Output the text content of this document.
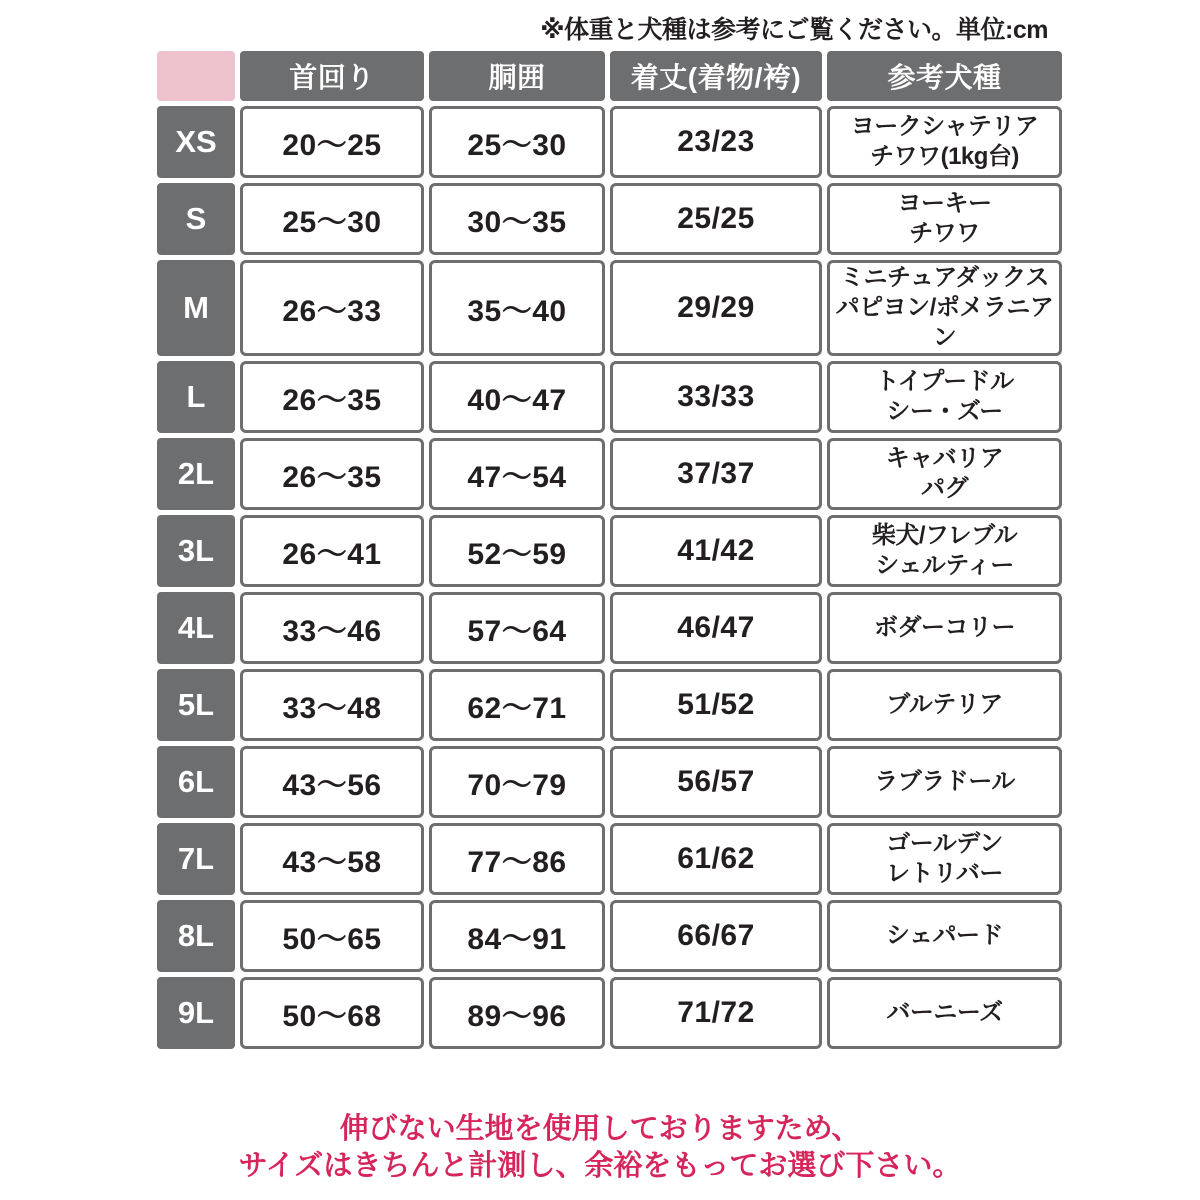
※体重と犬種は参考にご覧ください。単位:cm
	首回り	胴囲	着丈(着物/袴)	参考犬種
XS	20〜25	25〜30	23/23	ヨークシャテリア
チワワ(1kg台)

S	25〜30	30〜35	25/25	ヨーキー
チワワ

M	26〜33	35〜40	29/29	ミニチュアダックス
パピヨン/ポメラニアン

L	26〜35	40〜47	33/33	トイプードル
シー・ズー

2L	26〜35	47〜54	37/37	キャバリア
パグ

3L	26〜41	52〜59	41/42	柴犬/フレブル
シェルティー

4L	33〜46	57〜64	46/47	ボダーコリー
5L	33〜48	62〜71	51/52	ブルテリア
6L	43〜56	70〜79	56/57	ラブラドール
7L	43〜58	77〜86	61/62	ゴールデン
レトリバー

8L	50〜65	84〜91	66/67	シェパード
9L	50〜68	89〜96	71/72	バーニーズ
伸びない生地を使用しておりますため、
サイズはきちんと計測し、余裕をもってお選び下さい。
